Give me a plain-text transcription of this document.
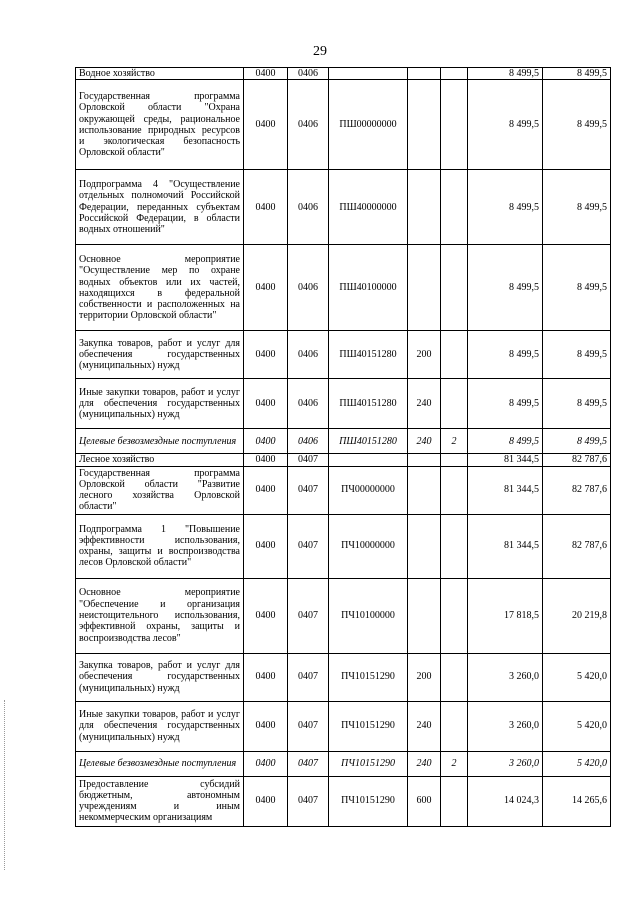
29
Водное хозяйство	0400	0406				8 499,5	8 499,5
Государственная программа Орловской области "Охрана окружающей среды, рациональное использование природных ресурсов и экологическая безопасность Орловской области"	0400	0406	ПШ00000000			8 499,5	8 499,5
Подпрограмма 4 "Осуществление отдельных полномочий Российской Федерации, переданных субъектам Российской Федерации, в области водных отношений"	0400	0406	ПШ40000000			8 499,5	8 499,5
Основное мероприятие "Осуществление мер по охране водных объектов или их частей, находящихся в федеральной собственности и расположенных на территории Орловской области"	0400	0406	ПШ40100000			8 499,5	8 499,5
Закупка товаров, работ и услуг для обеспечения государственных (муниципальных) нужд	0400	0406	ПШ40151280	200		8 499,5	8 499,5
Иные закупки товаров, работ и услуг для обеспечения государственных (муниципальных) нужд	0400	0406	ПШ40151280	240		8 499,5	8 499,5
Целевые безвозмездные поступления	0400	0406	ПШ40151280	240	2	8 499,5	8 499,5
Лесное хозяйство	0400	0407				81 344,5	82 787,6
Государственная программа Орловской области "Развитие лесного хозяйства Орловской области"	0400	0407	ПЧ00000000			81 344,5	82 787,6
Подпрограмма 1 "Повышение эффективности использования, охраны, защиты и воспроизводства лесов Орловской области"	0400	0407	ПЧ10000000			81 344,5	82 787,6
Основное мероприятие "Обеспечение и организация неистощительного использования, эффективной охраны, защиты и воспроизводства лесов"	0400	0407	ПЧ10100000			17 818,5	20 219,8
Закупка товаров, работ и услуг для обеспечения государственных (муниципальных) нужд	0400	0407	ПЧ10151290	200		3 260,0	5 420,0
Иные закупки товаров, работ и услуг для обеспечения государственных (муниципальных) нужд	0400	0407	ПЧ10151290	240		3 260,0	5 420,0
Целевые безвозмездные поступления	0400	0407	ПЧ10151290	240	2	3 260,0	5 420,0
Предоставление субсидий бюджетным, автономным учреждениям и иным некоммерческим организациям	0400	0407	ПЧ10151290	600		14 024,3	14 265,6
